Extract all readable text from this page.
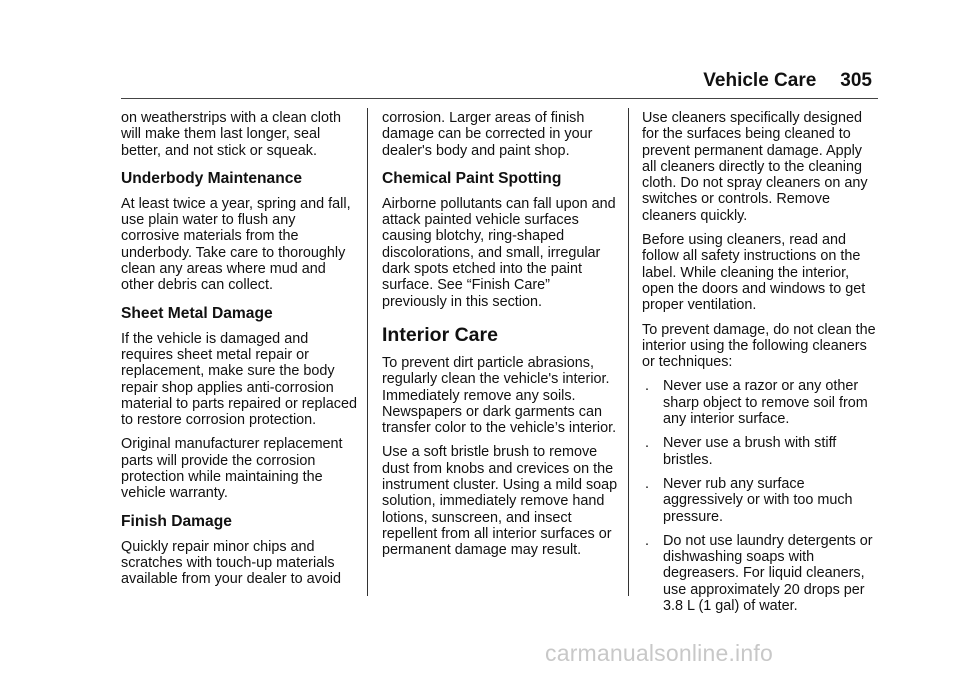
Vehicle Care 305

on weatherstrips with a clean cloth will make them last longer, seal better, and not stick or squeak.

Underbody Maintenance

At least twice a year, spring and fall, use plain water to flush any corrosive materials from the underbody. Take care to thoroughly clean any areas where mud and other debris can collect.

Sheet Metal Damage

If the vehicle is damaged and requires sheet metal repair or replacement, make sure the body repair shop applies anti-corrosion material to parts repaired or replaced to restore corrosion protection.

Original manufacturer replacement parts will provide the corrosion protection while maintaining the vehicle warranty.

Finish Damage

Quickly repair minor chips and scratches with touch-up materials available from your dealer to avoid

corrosion. Larger areas of finish damage can be corrected in your dealer's body and paint shop.

Chemical Paint Spotting

Airborne pollutants can fall upon and attack painted vehicle surfaces causing blotchy, ring-shaped discolorations, and small, irregular dark spots etched into the paint surface. See “Finish Care” previously in this section.

Interior Care

To prevent dirt particle abrasions, regularly clean the vehicle's interior. Immediately remove any soils. Newspapers or dark garments can transfer color to the vehicle’s interior.

Use a soft bristle brush to remove dust from knobs and crevices on the instrument cluster. Using a mild soap solution, immediately remove hand lotions, sunscreen, and insect repellent from all interior surfaces or permanent damage may result.

Use cleaners specifically designed for the surfaces being cleaned to prevent permanent damage. Apply all cleaners directly to the cleaning cloth. Do not spray cleaners on any switches or controls. Remove cleaners quickly.

Before using cleaners, read and follow all safety instructions on the label. While cleaning the interior, open the doors and windows to get proper ventilation.

To prevent damage, do not clean the interior using the following cleaners or techniques:

. Never use a razor or any other sharp object to remove soil from any interior surface.
. Never use a brush with stiff bristles.
. Never rub any surface aggressively or with too much pressure.
. Do not use laundry detergents or dishwashing soaps with degreasers. For liquid cleaners, use approximately 20 drops per 3.8 L (1 gal) of water.
carmanualsonline.info
